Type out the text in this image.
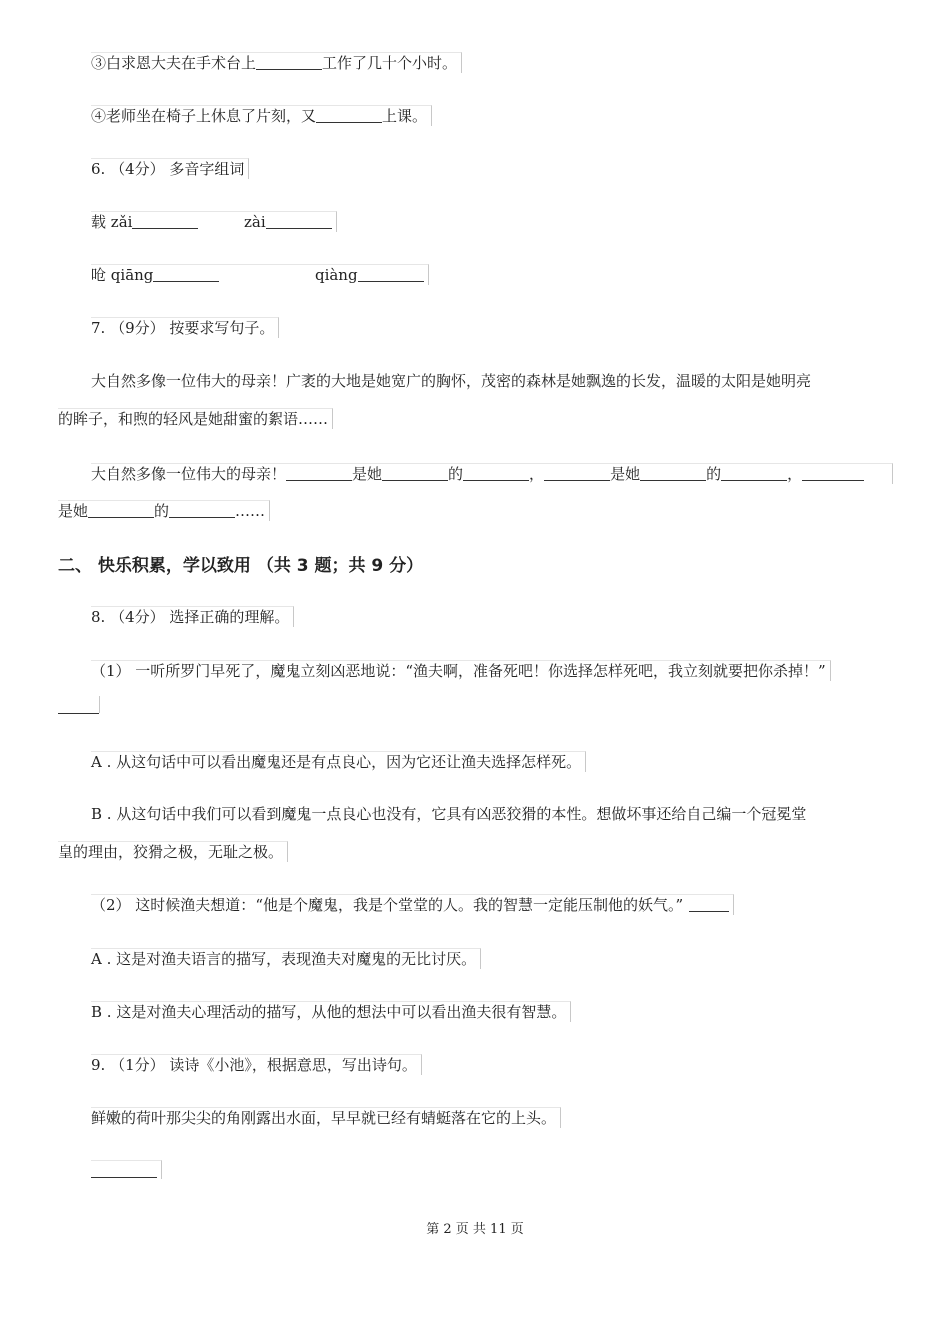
③白求恩大夫在手术台上	工作了几十个小时。
④老师坐在椅子上休息了片刻，又	上课。
6. （4分） 多音字组词
载 zǎi	zài
呛 qiāng	qiàng
7. （9分） 按要求写句子。
大自然多像一位伟大的母亲！广袤的大地是她宽广的胸怀，茂密的森林是她飘逸的长发，温暖的太阳是她明亮
的眸子，和煦的轻风是她甜蜜的絮语……
大自然多像一位伟大的母亲！	是她	的	，	是她	的	，
是她	的	……
二、 快乐积累，学以致用 （共 3 题；共 9 分）
8. （4分） 选择正确的理解。
（1） 一听所罗门早死了，魔鬼立刻凶恶地说：“渔夫啊，准备死吧！你选择怎样死吧，我立刻就要把你杀掉！”
A . 从这句话中可以看出魔鬼还是有点良心，因为它还让渔夫选择怎样死。
B . 从这句话中我们可以看到魔鬼一点良心也没有，它具有凶恶狡猾的本性。想做坏事还给自己编一个冠冕堂
皇的理由，狡猾之极，无耻之极。
（2） 这时候渔夫想道：“他是个魔鬼，我是个堂堂的人。我的智慧一定能压制他的妖气。”
A . 这是对渔夫语言的描写，表现渔夫对魔鬼的无比讨厌。
B . 这是对渔夫心理活动的描写，从他的想法中可以看出渔夫很有智慧。
9. （1分） 读诗《小池》，根据意思，写出诗句。
鲜嫩的荷叶那尖尖的角刚露出水面，早早就已经有蜻蜓落在它的上头。
第 2 页 共 11 页
